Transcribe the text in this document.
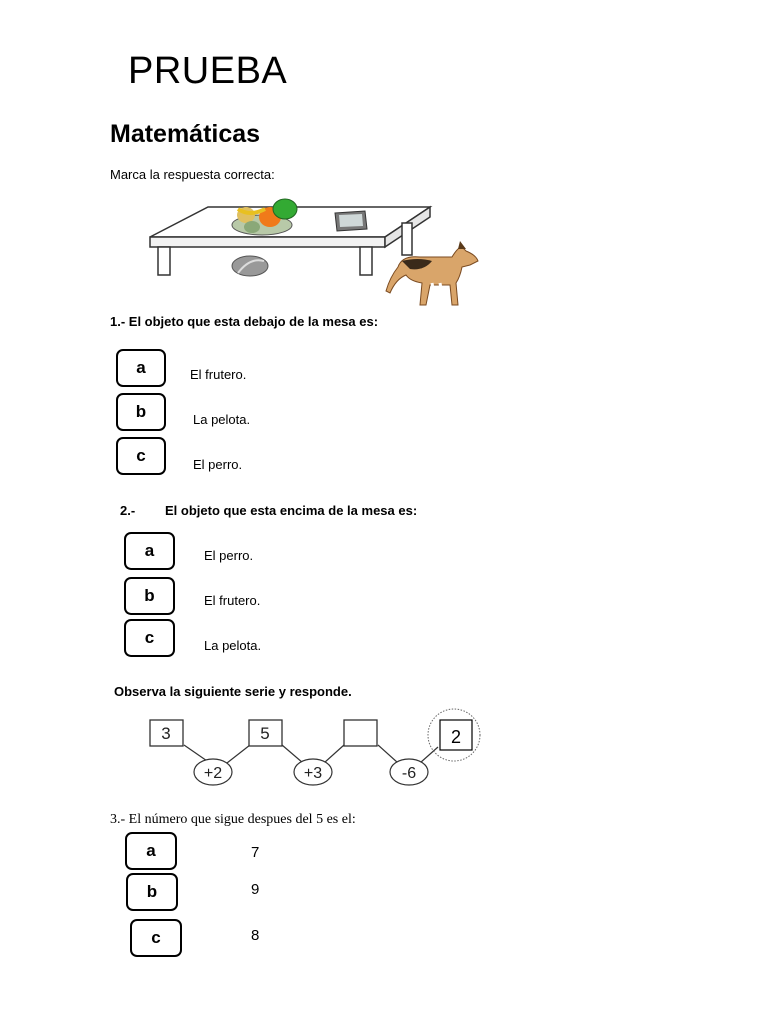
PRUEBA
Matemáticas
Marca la respuesta correcta:
1.- El objeto que esta debajo de la mesa es:
a	El frutero.
b	La pelota.
c	El perro.
2.- El objeto que esta encima de la mesa es:
a	El perro.
b	El frutero.
c	La pelota.
Observa la siguiente serie y responde.
3	5	2
+2	+3	-6
3.- El número que sigue despues del 5 es el:
a	7
b	9
c	8
